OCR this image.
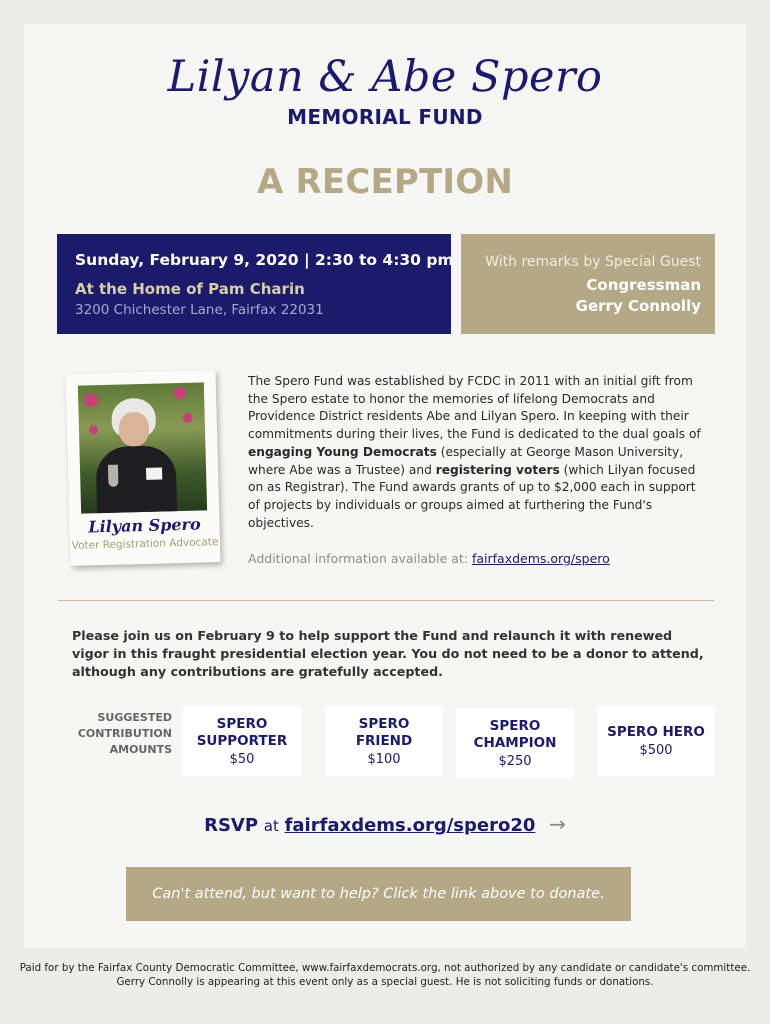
Lilyan & Abe Spero
MEMORIAL FUND
A RECEPTION
Sunday, February 9, 2020 | 2:30 to 4:30 pm
At the Home of Pam Charin
3200 Chichester Lane, Fairfax 22031
With remarks by Special Guest
Congressman
Gerry Connolly
Lilyan Spero
Voter Registration Advocate
The Spero Fund was established by FCDC in 2011 with an initial gift from the Spero estate to honor the memories of lifelong Democrats and Providence District residents Abe and Lilyan Spero. In keeping with their commitments during their lives, the Fund is dedicated to the dual goals of engaging Young Democrats (especially at George Mason University, where Abe was a Trustee) and registering voters (which Lilyan focused on as Registrar). The Fund awards grants of up to $2,000 each in support of projects by individuals or groups aimed at furthering the Fund's objectives.
Additional information available at: fairfaxdems.org/spero
Please join us on February 9 to help support the Fund and relaunch it with renewed vigor in this fraught presidential election year. You do not need to be a donor to attend, although any contributions are gratefully accepted.
SUGGESTED
CONTRIBUTION
AMOUNTS
SPERO
SUPPORTER
$50
SPERO
FRIEND
$100
SPERO
CHAMPION
$250
SPERO HERO
$500
RSVP at fairfaxdems.org/spero20 →
Can't attend, but want to help? Click the link above to donate.
Paid for by the Fairfax County Democratic Committee, www.fairfaxdemocrats.org, not authorized by any candidate or candidate's committee.
Gerry Connolly is appearing at this event only as a special guest. He is not soliciting funds or donations.
